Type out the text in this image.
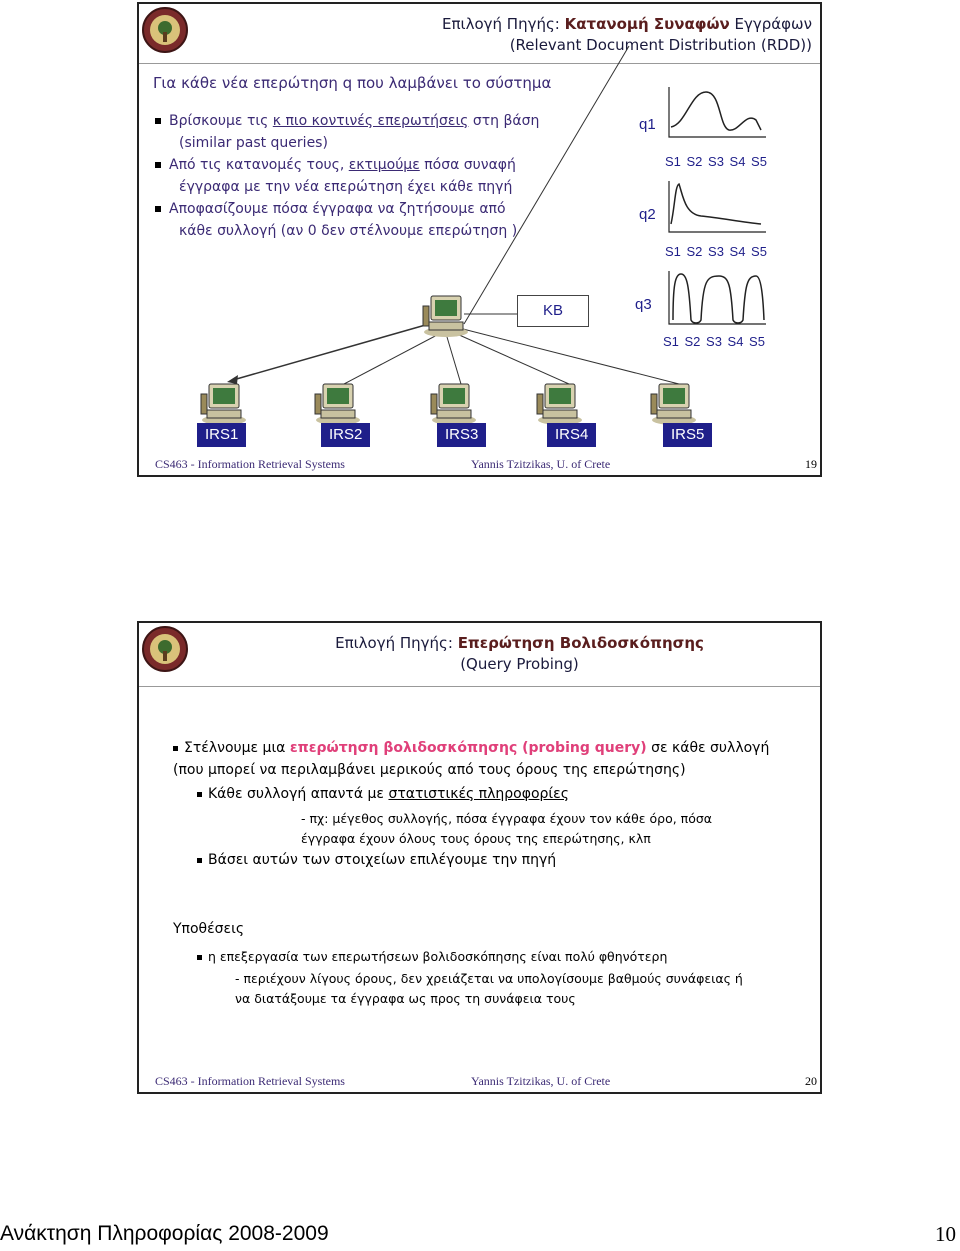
Επιλογή Πηγής: Κατανομή Συναφών Εγγράφων
(Relevant Document Distribution (RDD))
Για κάθε νέα επερώτηση q που λαμβάνει το σύστημα
Βρίσκουμε τις κ πιο κοντινές επερωτήσεις στη βάση
(similar past queries)
Από τις κατανομές τους, εκτιμούμε πόσα συναφή
έγγραφα με την νέα επερώτηση έχει κάθε πηγή
Αποφασίζουμε πόσα έγγραφα να ζητήσουμε από
κάθε συλλογή (αν 0 δεν στέλνουμε επερώτηση )
q1
S1 S2 S3 S4 S5
q2
S1 S2 S3 S4 S5
KB	q3
S1 S2 S3 S4 S5
IRS1	IRS2	IRS3	IRS4	IRS5
CS463 - Information Retrieval Systems	Yannis Tzitzikas, U. of Crete	19
Επιλογή Πηγής: Επερώτηση Βολιδοσκόπησης
(Query Probing)
Στέλνουμε μια επερώτηση βολιδοσκόπησης (probing query) σε κάθε συλλογή
(που μπορεί να περιλαμβάνει μερικούς από τους όρους της επερώτησης)
Κάθε συλλογή απαντά με στατιστικές πληροφορίες
- πχ: μέγεθος συλλογής, πόσα έγγραφα έχουν τον κάθε όρο, πόσα
έγγραφα έχουν όλους τους όρους της επερώτησης, κλπ
Βάσει αυτών των στοιχείων επιλέγουμε την πηγή
Υποθέσεις
η επεξεργασία των επερωτήσεων βολιδοσκόπησης είναι πολύ φθηνότερη
- περιέχουν λίγους όρους, δεν χρειάζεται να υπολογίσουμε βαθμούς συνάφειας ή
να διατάξουμε τα έγγραφα ως προς τη συνάφεια τους
CS463 - Information Retrieval Systems	Yannis Tzitzikas, U. of Crete	20
Ανάκτηση Πληροφορίας 2008-2009	10
